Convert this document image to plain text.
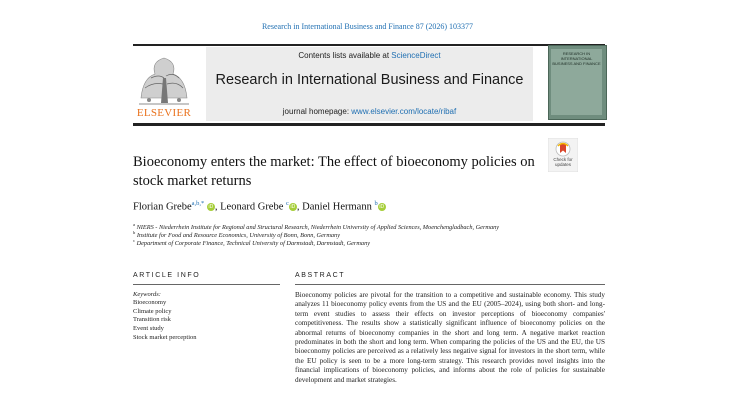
Research in International Business and Finance 87 (2026) 103377
ELSEVIER
Contents lists available at ScienceDirect
Research in International Business and Finance
journal homepage: www.elsevier.com/locate/ribaf
RESEARCH IN INTERNATIONAL BUSINESS AND FINANCE
Check for updates
Bioeconomy enters the market: The effect of bioeconomy policies on stock market returns
Florian Grebe$^{a,b,*}$ iD , Leonard Grebe $^c$iD , Daniel Hermann $^b$iD
$^a$ NIERS - Niederrhein Institute for Regional and Structural Research, Niederrhein University of Applied Sciences, Moenchengladbach, Germany
$^b$ Institute for Food and Resource Economics, University of Bonn, Bonn, Germany
$^c$ Department of Corporate Finance, Technical University of Darmstadt, Darmstadt, Germany
ARTICLE INFO	ABSTRACT
Keywords:
Bioeconomy
Climate policy
Transition risk
Event study
Stock market perception
Bioeconomy policies are pivotal for the transition to a competitive and sustainable economy. This study analyzes 11 bioeconomy policy events from the US and the EU (2005–2024), using both short- and long-term event studies to assess their effects on investor perceptions of bioeconomy companies' competitiveness. The results show a statistically significant influence of bioeconomy policies on the abnormal returns of bioeconomy companies in the short and long term. A negative market reaction predominates in both the short and long term. When comparing the policies of the US and the EU, the US bioeconomy policies are perceived as a relatively less negative signal for investors in the short term, while the EU policy is seen to be a more long-term strategy. This research provides novel insights into the financial implications of bioeconomy policies, and informs about the role of policies for sustainable development and market strategies.
